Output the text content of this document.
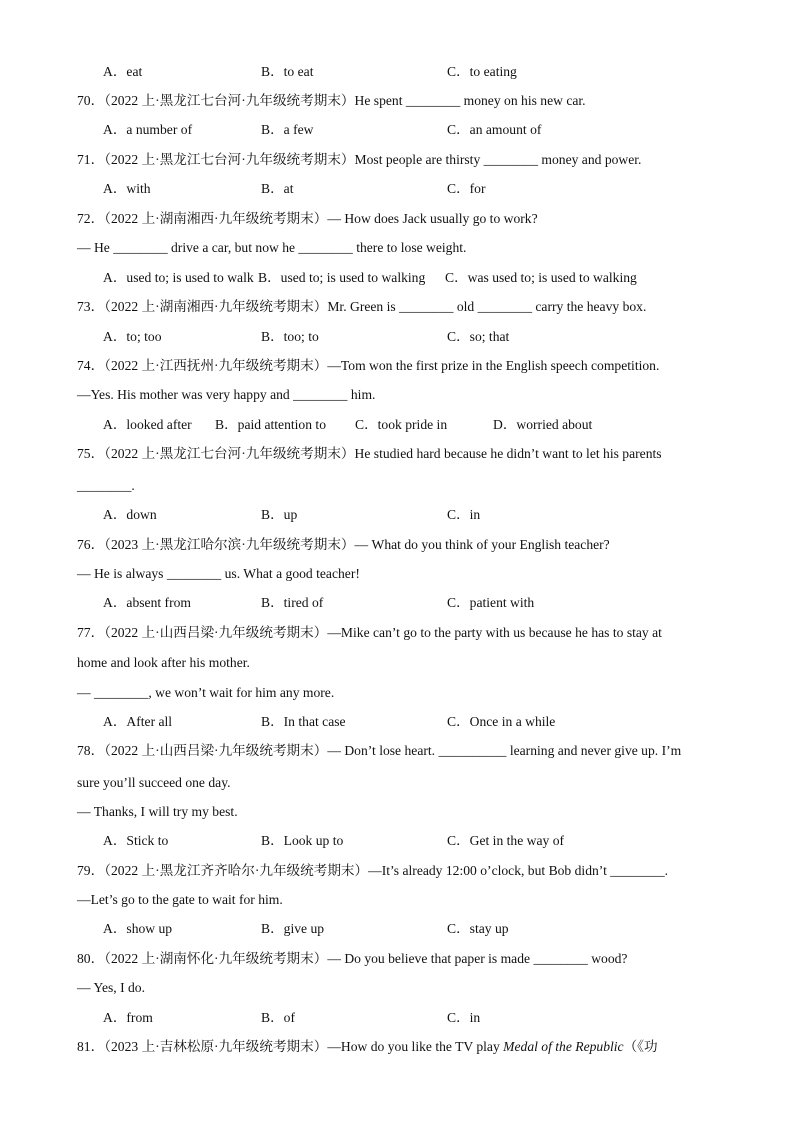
A．eat	B．to eat	C．to eating
70．（2022 上·黑龙江七台河·九年级统考期末）He spent ________ money on his new car.
A．a number of	B．a few	C．an amount of
71．（2022 上·黑龙江七台河·九年级统考期末）Most people are thirsty ________ money and power.
A．with	B．at	C．for
72．（2022 上·湖南湘西·九年级统考期末）— How does Jack usually go to work?
— He ________ drive a car, but now he ________ there to lose weight.
A．used to; is used to walk B．used to; is used to walking C．was used to; is used to walking
73．（2022 上·湖南湘西·九年级统考期末）Mr. Green is ________ old ________ carry the heavy box.
A．to; too	B．too; to	C．so; that
74．（2022 上·江西抚州·九年级统考期末）—Tom won the first prize in the English speech competition.
—Yes. His mother was very happy and ________ him.
A．looked after B．paid attention to C．took pride in	D．worried about
75．（2022 上·黑龙江七台河·九年级统考期末）He studied hard because he didn’t want to let his parents
________.
A．down	B．up	C．in
76．（2023 上·黑龙江哈尔滨·九年级统考期末）— What do you think of your English teacher?
— He is always ________ us. What a good teacher!
A．absent from	B．tired of	C．patient with
77．（2022 上·山西吕梁·九年级统考期末）—Mike can’t go to the party with us because he has to stay at
home and look after his mother.
— ________, we won’t wait for him any more.
A．After all	B．In that case	C．Once in a while
78．（2022 上·山西吕梁·九年级统考期末）— Don’t lose heart. __________ learning and never give up. I’m
sure you’ll succeed one day.
— Thanks, I will try my best.
A．Stick to	B．Look up to	C．Get in the way of
79．（2022 上·黑龙江齐齐哈尔·九年级统考期末）—It’s already 12:00 o’clock, but Bob didn’t ________.
—Let’s go to the gate to wait for him.
A．show up	B．give up	C．stay up
80．（2022 上·湖南怀化·九年级统考期末）— Do you believe that paper is made ________ wood?
— Yes, I do.
A．from	B．of	C．in
81．（2023 上·吉林松原·九年级统考期末）—How do you like the TV play Medal of the Republic（《功
